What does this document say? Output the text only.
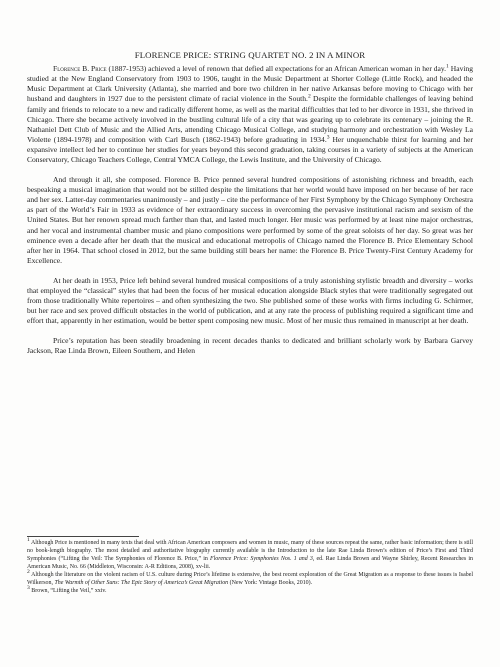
FLORENCE PRICE: STRING QUARTET NO. 2 IN A MINOR

Florence B. Price (1887-1953) achieved a level of renown that defied all expectations for an African American woman in her day.$^1$ Having studied at the New England Conservatory from 1903 to 1906, taught in the Music Department at Shorter College (Little Rock), and headed the Music Department at Clark University (Atlanta), she married and bore two children in her native Arkansas before moving to Chicago with her husband and daughters in 1927 due to the persistent climate of racial violence in the South.$^2$ Despite the formidable challenges of leaving behind family and friends to relocate to a new and radically different home, as well as the marital difficulties that led to her divorce in 1931, she thrived in Chicago. There she became actively involved in the bustling cultural life of a city that was gearing up to celebrate its centenary – joining the R. Nathaniel Dett Club of Music and the Allied Arts, attending Chicago Musical College, and studying harmony and orchestration with Wesley La Violette (1894-1978) and composition with Carl Busch (1862-1943) before graduating in 1934.$^3$ Her unquenchable thirst for learning and her expansive intellect led her to continue her studies for years beyond this second graduation, taking courses in a variety of subjects at the American Conservatory, Chicago Teachers College, Central YMCA College, the Lewis Institute, and the University of Chicago.

And through it all, she composed. Florence B. Price penned several hundred compositions of astonishing richness and breadth, each bespeaking a musical imagination that would not be stilled despite the limitations that her world would have imposed on her because of her race and her sex. Latter-day commentaries unanimously – and justly – cite the performance of her First Symphony by the Chicago Symphony Orchestra as part of the World’s Fair in 1933 as evidence of her extraordinary success in overcoming the pervasive institutional racism and sexism of the United States. But her renown spread much farther than that, and lasted much longer. Her music was performed by at least nine major orchestras, and her vocal and instrumental chamber music and piano compositions were performed by some of the great soloists of her day. So great was her eminence even a decade after her death that the musical and educational metropolis of Chicago named the Florence B. Price Elementary School after her in 1964. That school closed in 2012, but the same building still bears her name: the Florence B. Price Twenty-First Century Academy for Excellence.

At her death in 1953, Price left behind several hundred musical compositions of a truly astonishing stylistic breadth and diversity – works that employed the “classical” styles that had been the focus of her musical education alongside Black styles that were traditionally segregated out from those traditionally White repertoires – and often synthesizing the two. She published some of these works with firms including G. Schirmer, but her race and sex proved difficult obstacles in the world of publication, and at any rate the process of publishing required a significant time and effort that, apparently in her estimation, would be better spent composing new music. Most of her music thus remained in manuscript at her death.

Price’s reputation has been steadily broadening in recent decades thanks to dedicated and brilliant scholarly work by Barbara Garvey Jackson, Rae Linda Brown, Eileen Southern, and Helen

$^1$ Although Price is mentioned in many texts that deal with African American composers and women in music, many of these sources repeat the same, rather basic information; there is still no book-length biography. The most detailed and authoritative biography currently available is the Introduction to the late Rae Linda Brown’s edition of Price’s First and Third Symphonies (“Lifting the Veil: The Symphonies of Florence B. Price,” in Florence Price: Symphonies Nos. 1 and 3, ed. Rae Linda Brown and Wayne Shirley, Recent Researches in American Music, No. 66 (Middleton, Wisconsin: A-R Editions, 2008), xv-lii.

$^2$ Although the literature on the violent racism of U.S. culture during Price’s lifetime is extensive, the best recent exploration of the Great Migration as a response to these issues is Isabel Wilkerson, The Warmth of Other Suns: The Epic Story of America’s Great Migration (New York: Vintage Books, 2010).

$^3$ Brown, “Lifting the Veil,” xxiv.
